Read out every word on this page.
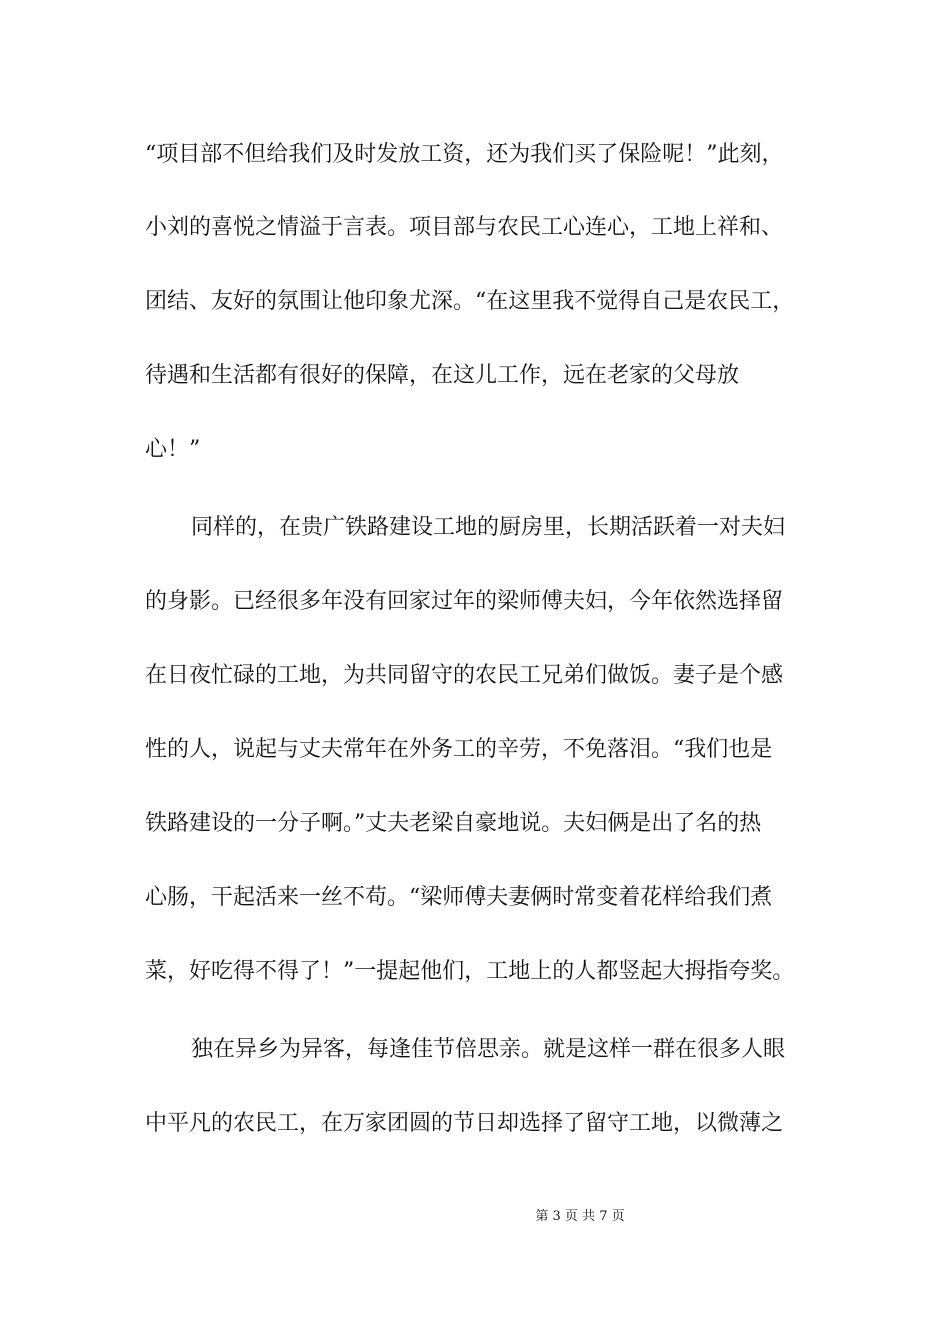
“项目部不但给我们及时发放工资，还为我们买了保险呢！”此刻，
小刘的喜悦之情溢于言表。项目部与农民工心连心，工地上祥和、
团结、友好的氛围让他印象尤深。“在这里我不觉得自己是农民工，
待遇和生活都有很好的保障，在这儿工作，远在老家的父母放
心！”
同样的，在贵广铁路建设工地的厨房里，长期活跃着一对夫妇
的身影。已经很多年没有回家过年的梁师傅夫妇，今年依然选择留
在日夜忙碌的工地，为共同留守的农民工兄弟们做饭。妻子是个感
性的人，说起与丈夫常年在外务工的辛劳，不免落泪。“我们也是
铁路建设的一分子啊。”丈夫老梁自豪地说。夫妇俩是出了名的热
心肠，干起活来一丝不苟。“梁师傅夫妻俩时常变着花样给我们煮
菜，好吃得不得了！”一提起他们，工地上的人都竖起大拇指夸奖。
独在异乡为异客，每逢佳节倍思亲。就是这样一群在很多人眼
中平凡的农民工，在万家团圆的节日却选择了留守工地，以微薄之
第 3 页 共 7 页
